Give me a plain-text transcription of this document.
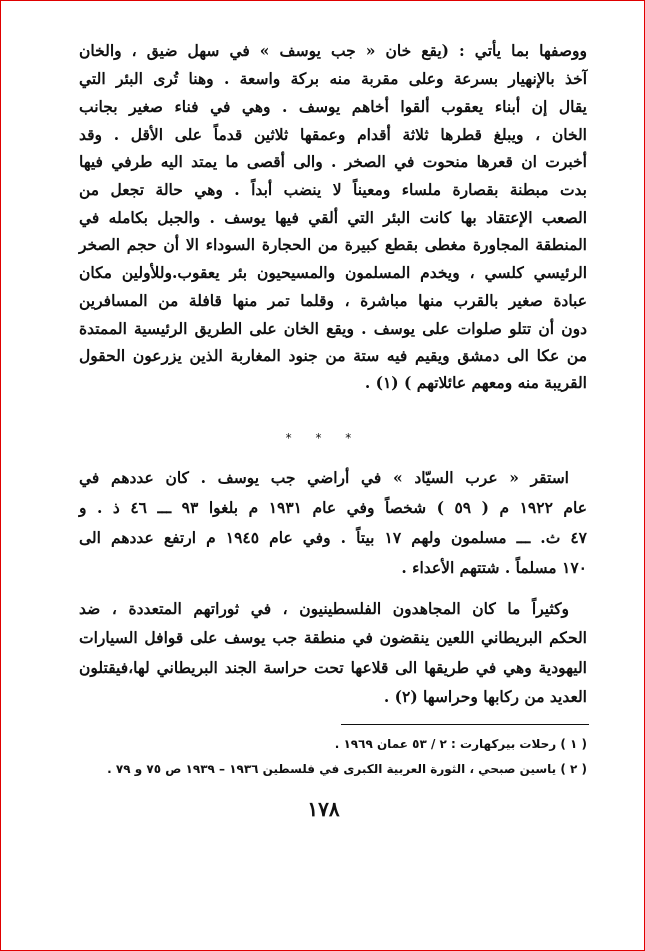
ووصفها بما يأتي : (يقع خان « جب يوسف » في سهل ضيق ، والخان
آخذ بالإنهيار بسرعة وعلى مقربة منه بركة واسعة . وهنا تُرى البئر التي
يقال إن أبناء يعقوب ألقوا أخاهم يوسف . وهي في فناء صغير بجانب
الخان ، ويبلغ قطرها ثلاثة أقدام وعمقها ثلاثين قدماً على الأقل . وقد
أخبرت ان قعرها منحوت في الصخر . والى أقصى ما يمتد اليه طرفي فيها
بدت مبطنة بقصارة ملساء ومعيناً لا ينضب أبداً . وهي حالة تجعل من
الصعب الإعتقاد بها كانت البئر التي ألقي فيها يوسف . والجبل بكامله في
المنطقة المجاورة مغطى بقطع كبيرة من الحجارة السوداء الا أن حجم الصخر
الرئيسي كلسي ، ويخدم المسلمون والمسيحيون بئر يعقوب.وللأولين مكان
عبادة صغير بالقرب منها مباشرة ، وقلما تمر منها قافلة من المسافرين
دون أن تتلو صلوات على يوسف . ويقع الخان على الطريق الرئيسية الممتدة
من عكا الى دمشق ويقيم فيه ستة من جنود المغاربة الذين يزرعون الحقول
القريبة منه ومعهم عائلاتهم ) (١) .
* * *
استقر « عرب السيّاد » في أراضي جب يوسف . كان عددهم في
عام ١٩٢٢ م ( ٥٩ ) شخصاً وفي عام ١٩٣١ م بلغوا ٩٣ ـــ ٤٦ ذ . و
٤٧ ث. ـــ مسلمون ولهم ١٧ بيتاً . وفي عام ١٩٤٥ م ارتفع عددهم الى
١٧٠ مسلماً . شتتهم الأعداء .
وكثيراً ما كان المجاهدون الفلسطينيون ، في ثوراتهم المتعددة ، ضد
الحكم البريطاني اللعين ينقضون في منطقة جب يوسف على قوافل السيارات
اليهودية وهي في طريقها الى قلاعها تحت حراسة الجند البريطاني لها،فيقتلون
العديد من ركابها وحراسها (٢) .
( ١ ) رحلات بيركهارت : ٢ / ٥٣ عمان ١٩٦٩ .
( ٢ ) ياسين صبحي ، الثورة العربية الكبرى في فلسطين ١٩٣٦ – ١٩٣٩ ص ٧٥ و ٧٩ .
١٧٨
